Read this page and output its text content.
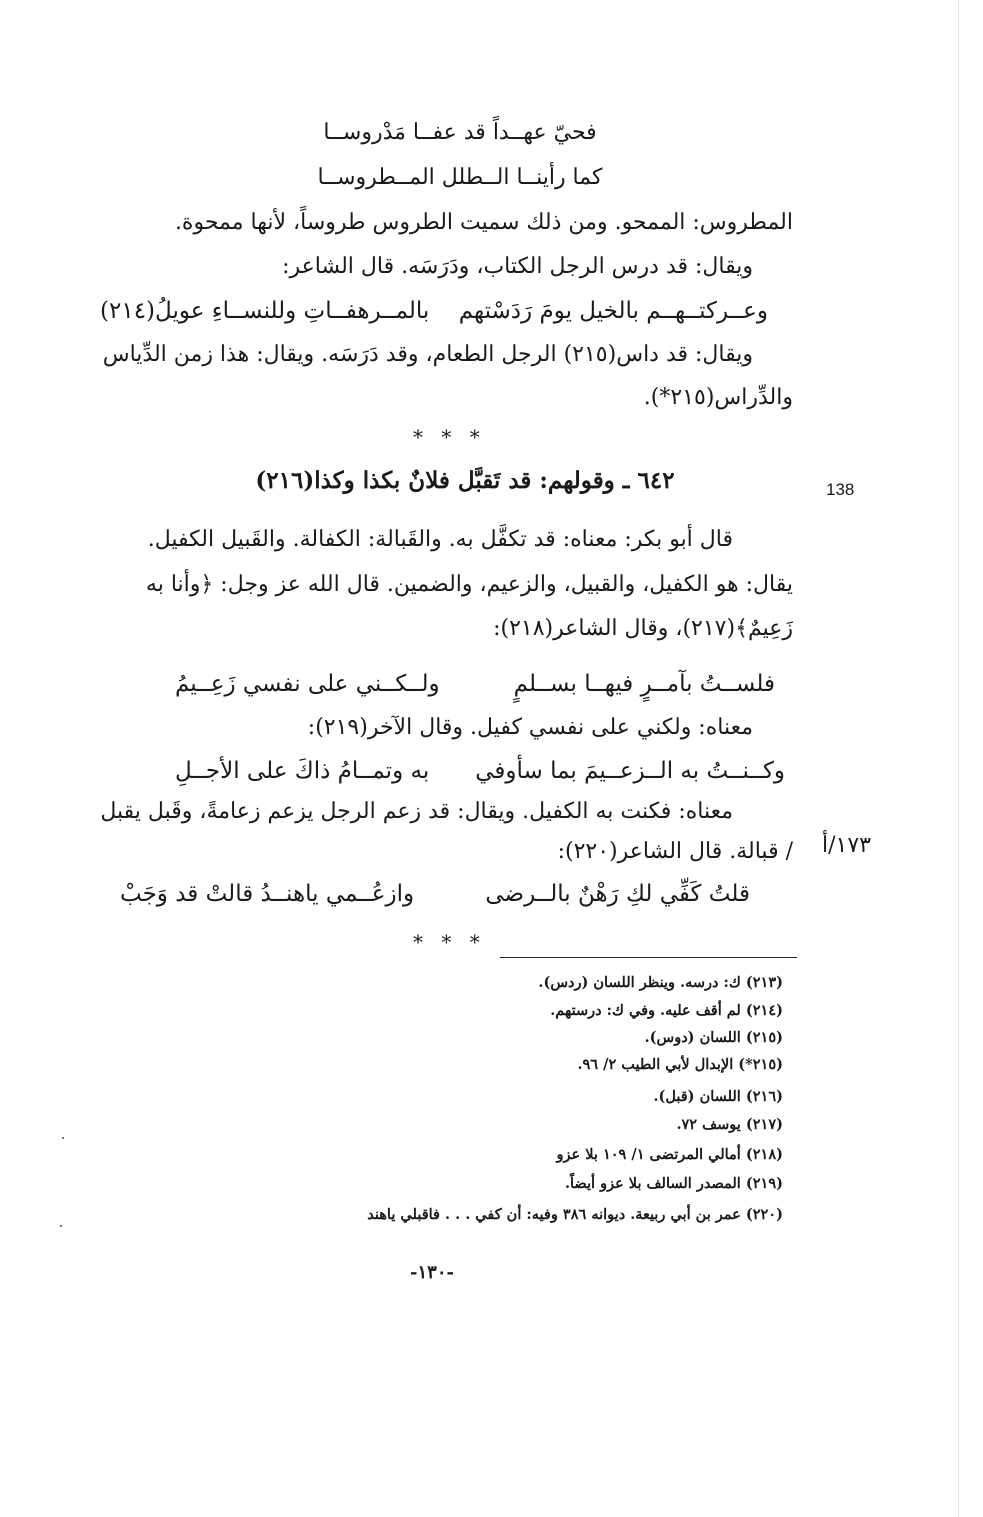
فحيّ عهــداً قد عفــا مَدْروســا
كما رأينــا الــطلل المــطروســا
المطروس: الممحو. ومن ذلك سميت الطروس طروساً، لأنها ممحوة.
ويقال: قد درس الرجل الكتاب، ودَرَسَه. قال الشاعر:
وعــركتــهــم بالخيل يومَ رَدَسْتهم
بالمــرهفــاتِ وللنســاءِ عويلُ(٢١٤)
ويقال: قد داس(٢١٥) الرجل الطعام، وقد دَرَسَه. ويقال: هذا زمن الدِّياس
والدِّراس(٢١٥*).
* * *
٦٤٢ ـ وقولهم: قد تَقبَّل فلانٌ بكذا وكذا(٢١٦)	138
قال أبو بكر: معناه: قد تكفَّل به. والقَبالة: الكفالة. والقَبيل الكفيل.
يقال: هو الكفيل، والقبيل، والزعيم، والضمين. قال الله عز وجل: ﴿وأنا به
زَعِيمٌ﴾(٢١٧)، وقال الشاعر(٢١٨):
فلســتُ بآمــرٍ فيهــا بســلمٍ
ولــكــني على نفسي زَعِــيمُ
معناه: ولكني على نفسي كفيل. وقال الآخر(٢١٩):
وكــنــتُ به الــزعــيمَ بما سأوفي
به وتمــامُ ذاكَ على الأجــلِ
معناه: فكنت به الكفيل. ويقال: قد زعم الرجل يزعم زعامةً، وقَبل يقبل
/ قبالة. قال الشاعر(٢٢٠): ١٧٣/أ
قلتُ كَفِّي لكِ رَهْنٌ بالــرضى
وازعُــمي ياهنــدُ قالتْ قد وَجَبْ
* * *
(٢١٣) ك: درسه. وينظر اللسان (ردس).
(٢١٤) لم أقف عليه. وفي ك: درستهم.
(٢١٥) اللسان (دوس).
(٢١٥*) الإبدال لأبي الطيب ٢/ ٩٦.
(٢١٦) اللسان (قبل).
(٢١٧) يوسف ٧٢.
(٢١٨) أمالي المرتضى ١/ ١٠٩ بلا عزو
(٢١٩) المصدر السالف بلا عزو أيضاً.
(٢٢٠) عمر بن أبي ربيعة. ديوانه ٣٨٦ وفيه: أن كفي . . . فاقبلي ياهند
-١٣٠-
